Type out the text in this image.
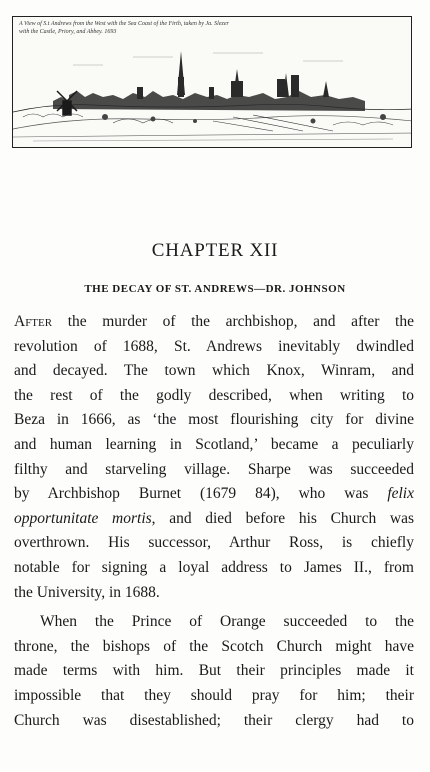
A View of S.t Andrews from the West with the Sea Coast of the Firth, taken by Ja. Slezer
with the Castle, Priory, and Abbey. 1693

CHAPTER XII
THE DECAY OF ST. ANDREWS—DR. JOHNSON

After the murder of the archbishop, and after the
revolution of 1688, St. Andrews inevitably dwindled
and decayed. The town which Knox, Winram, and
the rest of the godly described, when writing to
Beza in 1666, as ‘the most flourishing city for divine
and human learning in Scotland,’ became a peculiarly
filthy and starveling village. Sharpe was succeeded
by Archbishop Burnet (1679 84), who was felix
opportunitate mortis, and died before his Church was
overthrown. His successor, Arthur Ross, is chiefly
notable for signing a loyal address to James II., from
the University, in 1688.

When the Prince of Orange succeeded to the
throne, the bishops of the Scotch Church might have
made terms with him. But their principles made it
impossible that they should pray for him; their
Church was disestablished; their clergy had to
